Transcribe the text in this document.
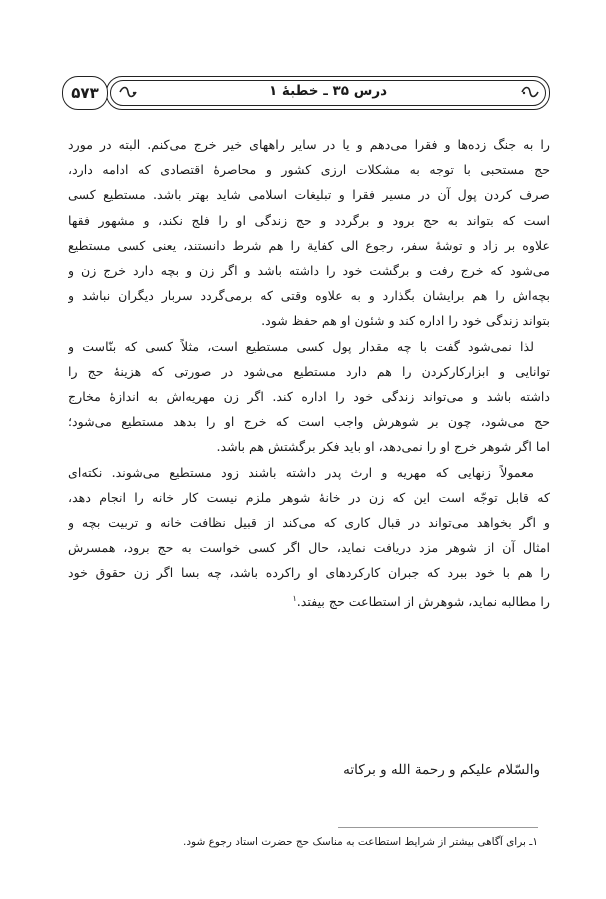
۵۷۳	درس ۳۵ ـ خطبهٔ ۱
را به جنگ زده‌ها و فقرا می‌دهم و یا در سایر راههای خیر خرج می‌کنم. البته در مورد
حج مستحبی با توجه به مشکلات ارزی کشور و محاصرهٔ اقتصادی که ادامه دارد،
صرف کردن پول آن در مسیر فقرا و تبلیغات اسلامی شاید بهتر باشد. مستطیع کسی
است که بتواند به حج برود و برگردد و حج زندگی او را فلج نکند، و مشهور فقها
علاوه بر زاد و توشهٔ سفر، رجوع الی کفایة را هم شرط دانستند، یعنی کسی مستطیع
می‌شود که خرج رفت و برگشت خود را داشته باشد و اگر زن و بچه دارد خرج زن و
بچه‌اش را هم برایشان بگذارد و به علاوه وقتی که برمی‌گردد سربار دیگران نباشد و
بتواند زندگی خود را اداره کند و شئون او هم حفظ شود.
لذا نمی‌شود گفت با چه مقدار پول کسی مستطیع است، مثلاً کسی که بنّاست و
توانایی و ابزارکارکردن را هم دارد مستطیع می‌شود در صورتی که هزینهٔ حج را
داشته باشد و می‌تواند زندگی خود را اداره کند. اگر زن مهریه‌اش به اندازهٔ مخارج
حج می‌شود، چون بر شوهرش واجب است که خرج او را بدهد مستطیع می‌شود؛
اما اگر شوهر خرج او را نمی‌دهد، او باید فکر برگشتش هم باشد.
معمولاً زنهایی که مهریه و ارث پدر داشته باشند زود مستطیع می‌شوند. نکته‌ای
که قابل توجّه است این که زن در خانهٔ شوهر ملزم نیست کار خانه را انجام دهد،
و اگر بخواهد می‌تواند در قبال کاری که می‌کند از قبیل نظافت خانه و تربیت بچه و
امثال آن از شوهر مزد دریافت نماید، حال اگر کسی خواست به حج برود، همسرش
را هم با خود ببرد که جبران کارکردهای او راکرده باشد، چه بسا اگر زن حقوق خود
را مطالبه نماید، شوهرش از استطاعت حج بیفتد.$^۱$
والسّلام علیکم و رحمة الله و برکاته
۱ـ برای آگاهی بیشتر از شرایط استطاعت به مناسک حج حضرت استاد رجوع شود.
